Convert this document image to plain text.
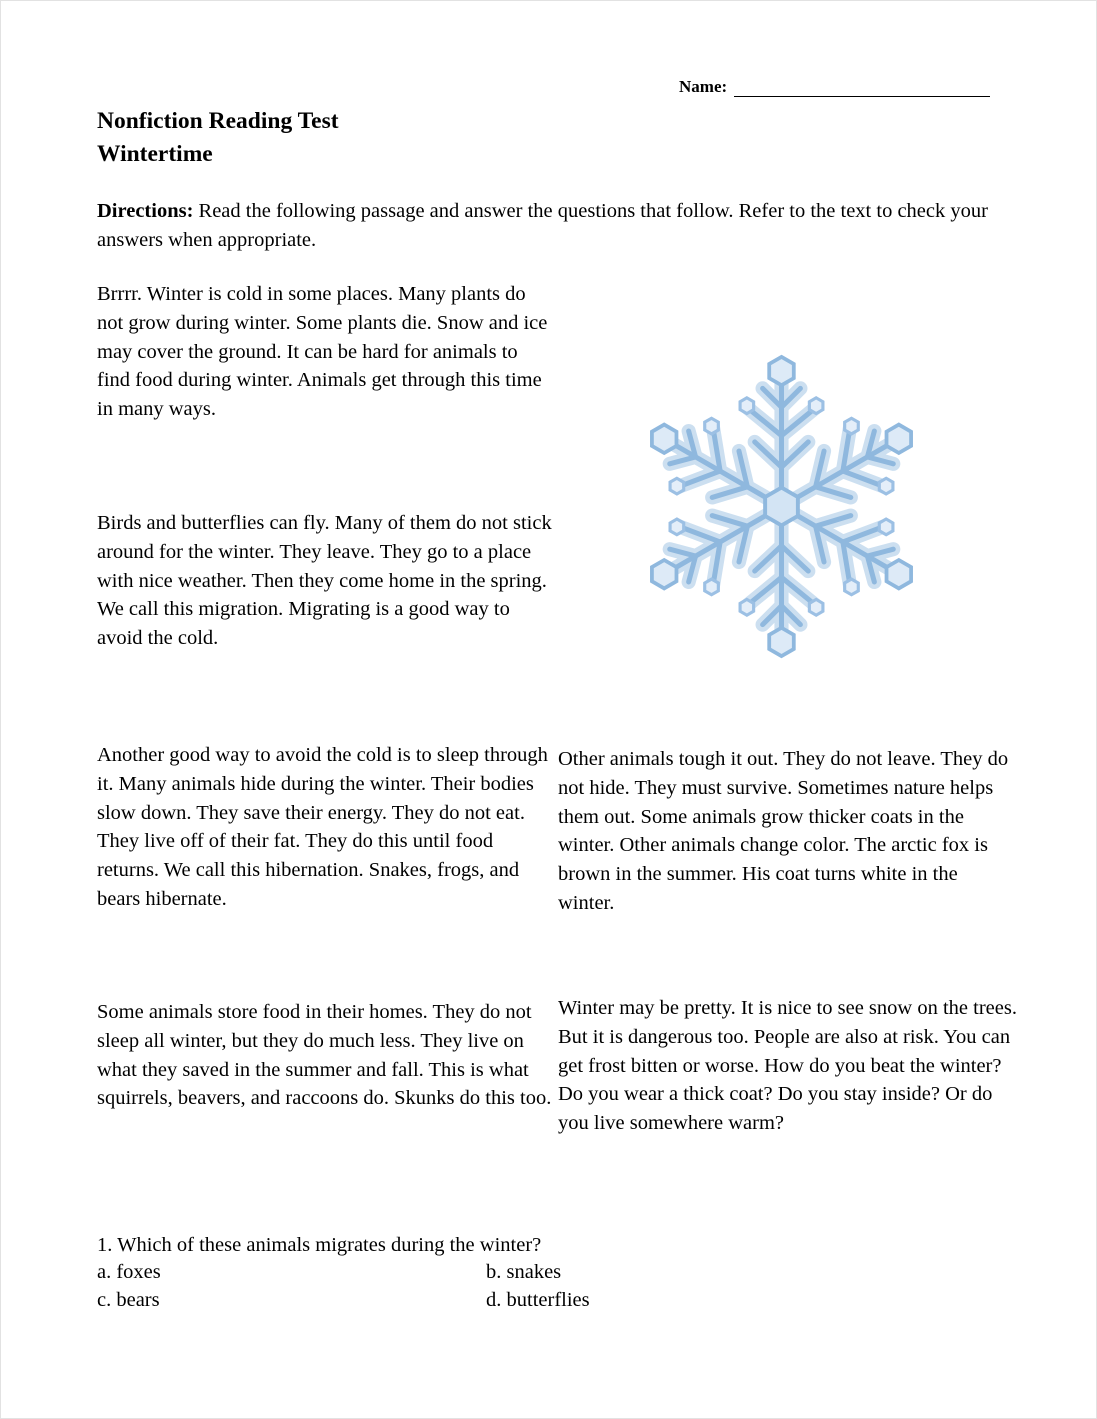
Name:
Nonfiction Reading Test
Wintertime
Directions: Read the following passage and answer the questions that follow. Refer to the text to check your answers when appropriate.
Brrrr. Winter is cold in some places. Many plants do not grow during winter. Some plants die. Snow and ice may cover the ground. It can be hard for animals to find food during winter. Animals get through this time in many ways.
Birds and butterflies can fly. Many of them do not stick around for the winter. They leave. They go to a place with nice weather. Then they come home in the spring. We call this migration. Migrating is a good way to avoid the cold.
Another good way to avoid the cold is to sleep through it. Many animals hide during the winter. Their bodies slow down. They save their energy. They do not eat. They live off of their fat. They do this until food returns. We call this hibernation. Snakes, frogs, and bears hibernate.
Other animals tough it out. They do not leave. They do not hide. They must survive. Sometimes nature helps them out. Some animals grow thicker coats in the winter. Other animals change color. The arctic fox is brown in the summer. His coat turns white in the winter.
Some animals store food in their homes. They do not sleep all winter, but they do much less. They live on what they saved in the summer and fall. This is what squirrels, beavers, and raccoons do. Skunks do this too.
Winter may be pretty. It is nice to see snow on the trees. But it is dangerous too. People are also at risk. You can get frost bitten or worse. How do you beat the winter? Do you wear a thick coat? Do you stay inside? Or do you live somewhere warm?
1. Which of these animals migrates during the winter?
a. foxes	b. snakes
c. bears	d. butterflies
